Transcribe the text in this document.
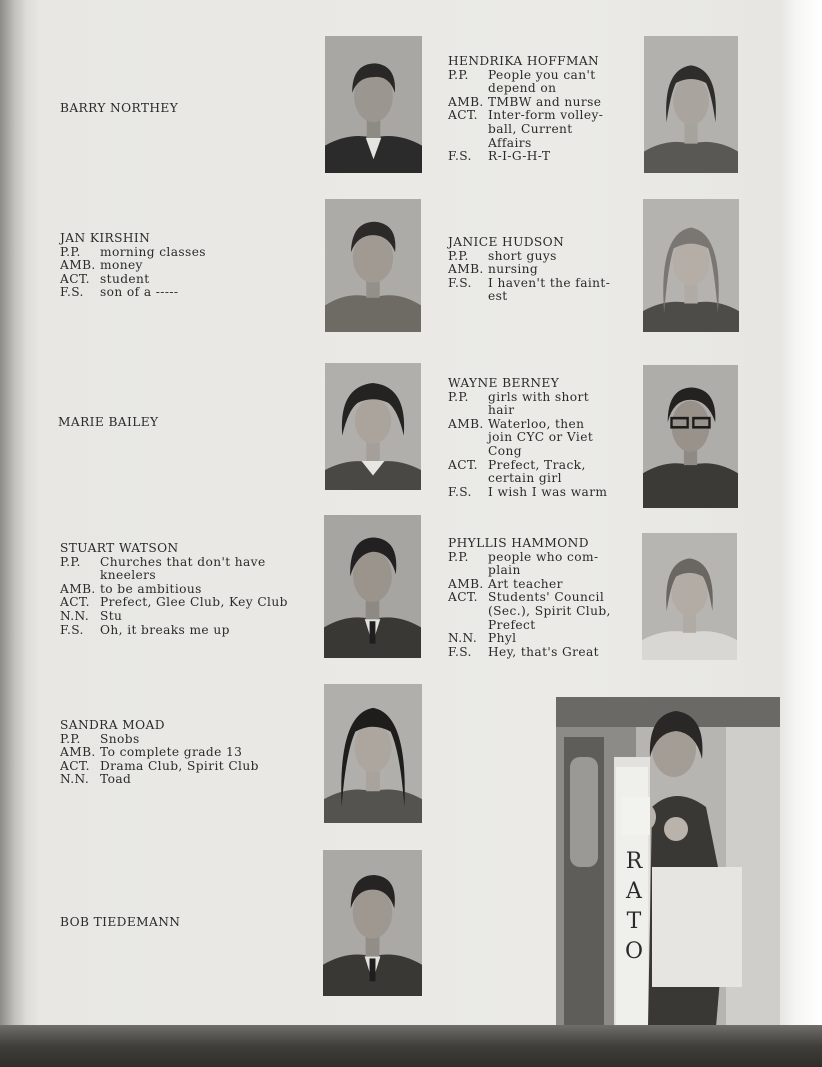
BARRY NORTHEY
HENDRIKA HOFFMAN
P.P. People you can't
depend on
AMB. TMBW and nurse
ACT. Inter-form volley-
ball, Current
Affairs
F.S. R-I-G-H-T
JAN KIRSHIN
P.P. morning classes
AMB. money
ACT. student
F.S. son of a -----
JANICE HUDSON
P.P. short guys
AMB. nursing
F.S. I haven't the faint-
est
MARIE BAILEY
WAYNE BERNEY
P.P. girls with short
hair
AMB. Waterloo, then
join CYC or Viet
Cong
ACT. Prefect, Track,
certain girl
F.S. I wish I was warm
STUART WATSON
P.P. Churches that don't have
kneelers
AMB. to be ambitious
ACT. Prefect, Glee Club, Key Club
N.N. Stu
F.S. Oh, it breaks me up
PHYLLIS HAMMOND
P.P. people who com-
plain
AMB. Art teacher
ACT. Students' Council
(Sec.), Spirit Club,
Prefect
N.N. Phyl
F.S. Hey, that's Great
SANDRA MOAD
P.P. Snobs
AMB. To complete grade 13
ACT. Drama Club, Spirit Club
N.N. Toad
BOB TIEDEMANN
RATO
